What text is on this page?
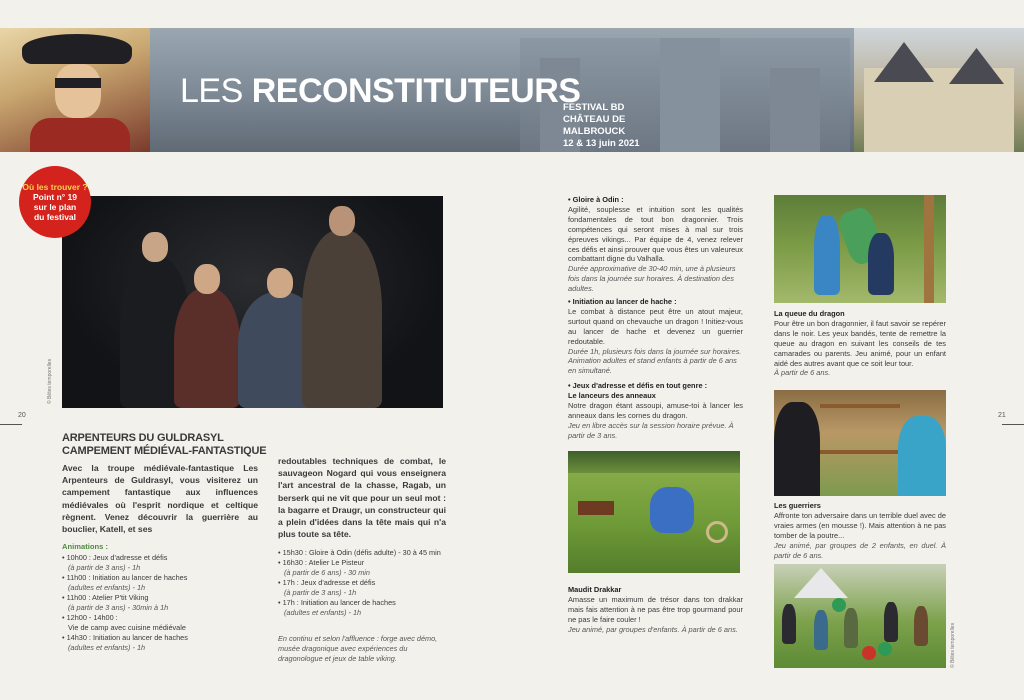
LES RECONSTITUTEURS
FESTIVAL BD
CHÂTEAU DE MALBROUCK
12 & 13 juin 2021
Où les trouver ?
Point n° 19
sur le plan
du festival
© Bêtes temporelles
20	21
ARPENTEURS DU GULDRASYL
CAMPEMENT MÉDIÉVAL-FANTASTIQUE
Avec la troupe médiévale-fantastique Les Arpenteurs de Guldrasyl, vous visiterez un campement fantastique aux influences médiévales où l'esprit nordique et celtique règnent. Venez découvrir la guerrière au bouclier, Katell, et ses
redoutables techniques de combat, le sauvageon Nogard qui vous enseignera l'art ancestral de la chasse, Ragab, un berserk qui ne vit que pour un seul mot : la bagarre et Draugr, un constructeur qui a plein d'idées dans la tête mais qui n'a plus toute sa tête.
Animations :
• 10h00 : Jeux d'adresse et défis
(à partir de 3 ans) - 1h
• 11h00 : Initiation au lancer de haches
(adultes et enfants) - 1h
• 11h00 : Atelier P'tit Viking
(à partir de 3 ans) - 30min à 1h
• 12h00 - 14h00 :
Vie de camp avec cuisine médiévale
• 14h30 : Initiation au lancer de haches
(adultes et enfants) - 1h
• 15h30 : Gloire à Odin (défis adulte) - 30 à 45 min
• 16h30 : Atelier Le Pisteur
(à partir de 6 ans) - 30 min
• 17h : Jeux d'adresse et défis
(à partir de 3 ans) - 1h
• 17h : Initiation au lancer de haches
(adultes et enfants) - 1h
En continu et selon l'affluence : forge avec démo, musée dragonique avec expériences du dragonologue et jeux de table viking.
• Gloire à Odin :
Agilité, souplesse et intuition sont les qualités fondamentales de tout bon dragonnier. Trois compétences qui seront mises à mal sur trois épreuves vikings... Par équipe de 4, venez relever ces défis et ainsi prouver que vous êtes un valeureux combattant digne du Valhalla.
Durée approximative de 30-40 min, une à plusieurs fois dans la journée sur horaires. À destination des adultes.
• Initiation au lancer de hache :
Le combat à distance peut être un atout majeur, surtout quand on chevauche un dragon ! Initiez-vous au lancer de hache et devenez un guerrier redoutable.
Durée 1h, plusieurs fois dans la journée sur horaires. Animation adultes et stand enfants à partir de 6 ans en simultané.
• Jeux d'adresse et défis en tout genre :
Le lanceurs des anneaux
Notre dragon étant assoupi, amuse-toi à lancer les anneaux dans les cornes du dragon.
Jeu en libre accès sur la session horaire prévue. À partir de 3 ans.
Maudit Drakkar
Amasse un maximum de trésor dans ton drakkar mais fais attention à ne pas être trop gourmand pour ne pas le faire couler !
Jeu animé, par groupes d'enfants. À partir de 6 ans.
La queue du dragon
Pour être un bon dragonnier, il faut savoir se repérer dans le noir. Les yeux bandés, tente de remettre la queue au dragon en suivant les conseils de tes camarades ou parents. Jeu animé, pour un enfant aidé des autres avant que ce soit leur tour.
À partir de 6 ans.
Les guerriers
Affronte ton adversaire dans un terrible duel avec de vraies armes (en mousse !). Mais attention à ne pas tomber de la poutre...
Jeu animé, par groupes de 2 enfants, en duel. À partir de 6 ans.
© Bêtes temporelles
